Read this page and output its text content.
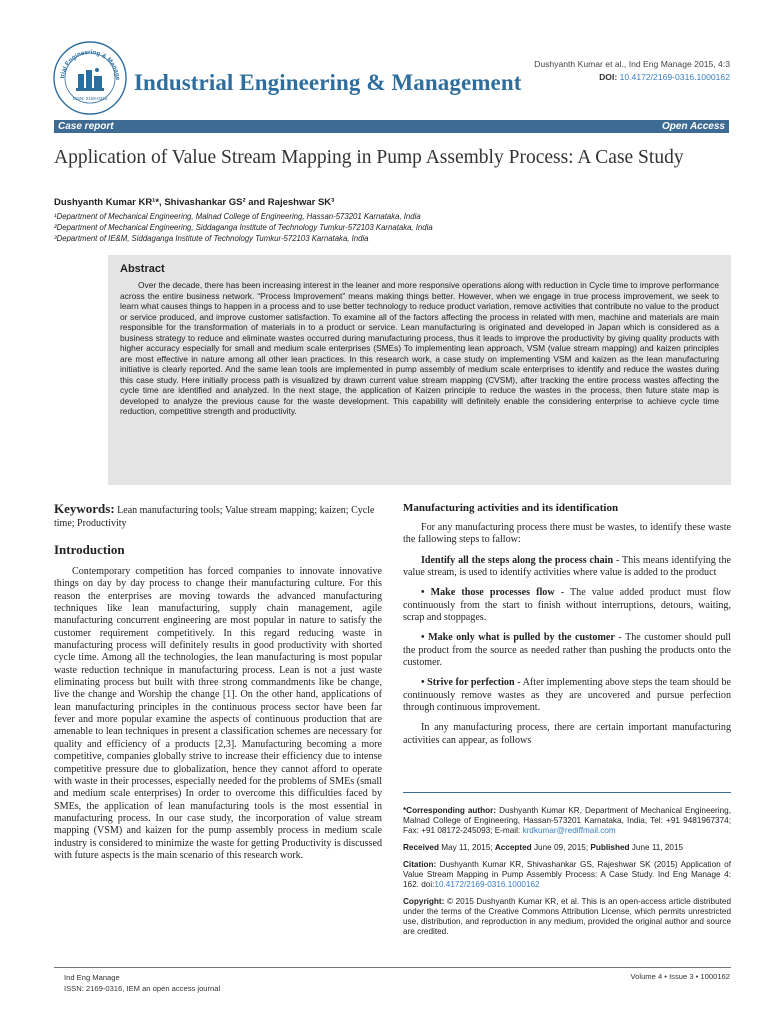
trial Engineering & Manage
ISSN: 2169-0316
Industrial Engineering & Management
Dushyanth Kumar et al., Ind Eng Manage 2015, 4:3
DOI: 10.4172/2169-0316.1000162
Case report	Open Access
Application of Value Stream Mapping in Pump Assembly Process: A Case Study
Dushyanth Kumar KR¹*, Shivashankar GS² and Rajeshwar SK³
¹Department of Mechanical Engineering, Malnad College of Engineering, Hassan-573201 Karnataka, India
²Department of Mechanical Engineering, Siddaganga Institute of Technology Tumkur-572103 Karnataka, India
³Department of IE&M, Siddaganga Institute of Technology Tumkur-572103 Karnataka, India
Abstract

Over the decade, there has been increasing interest in the leaner and more responsive operations along with reduction in Cycle time to improve performance across the entire business network. “Process Improvement” means making things better. However, when we engage in true process improvement, we seek to learn what causes things to happen in a process and to use better technology to reduce product variation, remove activities that contribute no value to the product or service produced, and improve customer satisfaction. To examine all of the factors affecting the process in related with men, machine and materials are main responsible for the transformation of materials in to a product or service. Lean manufacturing is originated and developed in Japan which is considered as a business strategy to reduce and eliminate wastes occurred during manufacturing process, thus it leads to improve the productivity by giving quality products with higher accuracy especially for small and medium scale enterprises (SMEs) To implementing lean approach, VSM (value stream mapping) and kaizen principles are most effective in nature among all other lean practices. In this research work, a case study on implementing VSM and kaizen as the lean manufacturing initiative is clearly reported. And the same lean tools are implemented in pump assembly of medium scale enterprises to identify and reduce the wastes during this case study. Here initially process path is visualized by drawn current value stream mapping (CVSM), after tracking the entire process wastes affecting the cycle time are identified and analyzed. In the next stage, the application of Kaizen principle to reduce the wastes in the process, then future state map is developed to analyze the previous cause for the waste development. This capability will definitely enable the considering enterprise to achieve cycle time reduction, competitive strength and productivity.

Keywords: Lean manufacturing tools; Value stream mapping; kaizen; Cycle time; Productivity
Introduction

Contemporary competition has forced companies to innovate innovative things on day by day process to change their manufacturing culture. For this reason the enterprises are moving towards the advanced manufacturing techniques like lean manufacturing, supply chain management, agile manufacturing concurrent engineering are most popular in nature to satisfy the customer requirement competitively. In this regard reducing waste in manufacturing process will definitely results in good productivity with shorted cycle time. Among all the technologies, the lean manufacturing is most popular waste reduction technique in manufacturing process. Lean is not a just waste eliminating process but built with three strong commandments like be change, live the change and Worship the change [1]. On the other hand, applications of lean manufacturing principles in the continuous process sector have been far fever and more popular examine the aspects of continuous production that are amenable to lean techniques in present a classification schemes are necessary for quality and efficiency of a products [2,3]. Manufacturing becoming a more competitive, companies globally strive to increase their efficiency due to intense competitive pressure due to globalization, hence they cannot afford to operate with waste in their processes, especially needed for the problems of SMEs (small and medium scale enterprises) In order to overcome this difficulties faced by SMEs, the application of lean manufacturing tools is the most essential in manufacturing process. In our case study, the incorporation of value stream mapping (VSM) and kaizen for the pump assembly process in medium scale industry is considered to minimize the waste for getting Productivity is discussed with future aspects is the main scenario of this research work.

Manufacturing activities and its identification

For any manufacturing process there must be wastes, to identify these waste the fallowing steps to fallow:

Identify all the steps along the process chain - This means identifying the value stream, is used to identify activities where value is added to the product

• Make those processes flow - The value added product must flow continuously from the start to finish without interruptions, detours, waiting, scrap and stoppages.

• Make only what is pulled by the customer - The customer should pull the product from the source as needed rather than pushing the products onto the customer.

• Strive for perfection - After implementing above steps the team should be continuously remove wastes as they are uncovered and pursue perfection through continuous improvement.

In any manufacturing process, there are certain important manufacturing activities can appear, as follows

*Corresponding author: Dushyanth Kumar KR, Department of Mechanical Engineering, Malnad College of Engineering, Hassan-573201 Karnataka, India, Tel: +91 9481967374; Fax: +91 08172-245093; E-mail: krdkumar@rediffmail.com
Received May 11, 2015; Accepted June 09, 2015; Published June 11, 2015
Citation: Dushyanth Kumar KR, Shivashankar GS, Rajeshwar SK (2015) Application of Value Stream Mapping in Pump Assembly Process: A Case Study. Ind Eng Manage 4: 162. doi:10.4172/2169-0316.1000162
Copyright: © 2015 Dushyanth Kumar KR, et al. This is an open-access article distributed under the terms of the Creative Commons Attribution License, which permits unrestricted use, distribution, and reproduction in any medium, provided the original author and source are credited.
Ind Eng Manage
ISSN: 2169-0316, IEM an open access journal
Volume 4 • Issue 3 • 1000162
